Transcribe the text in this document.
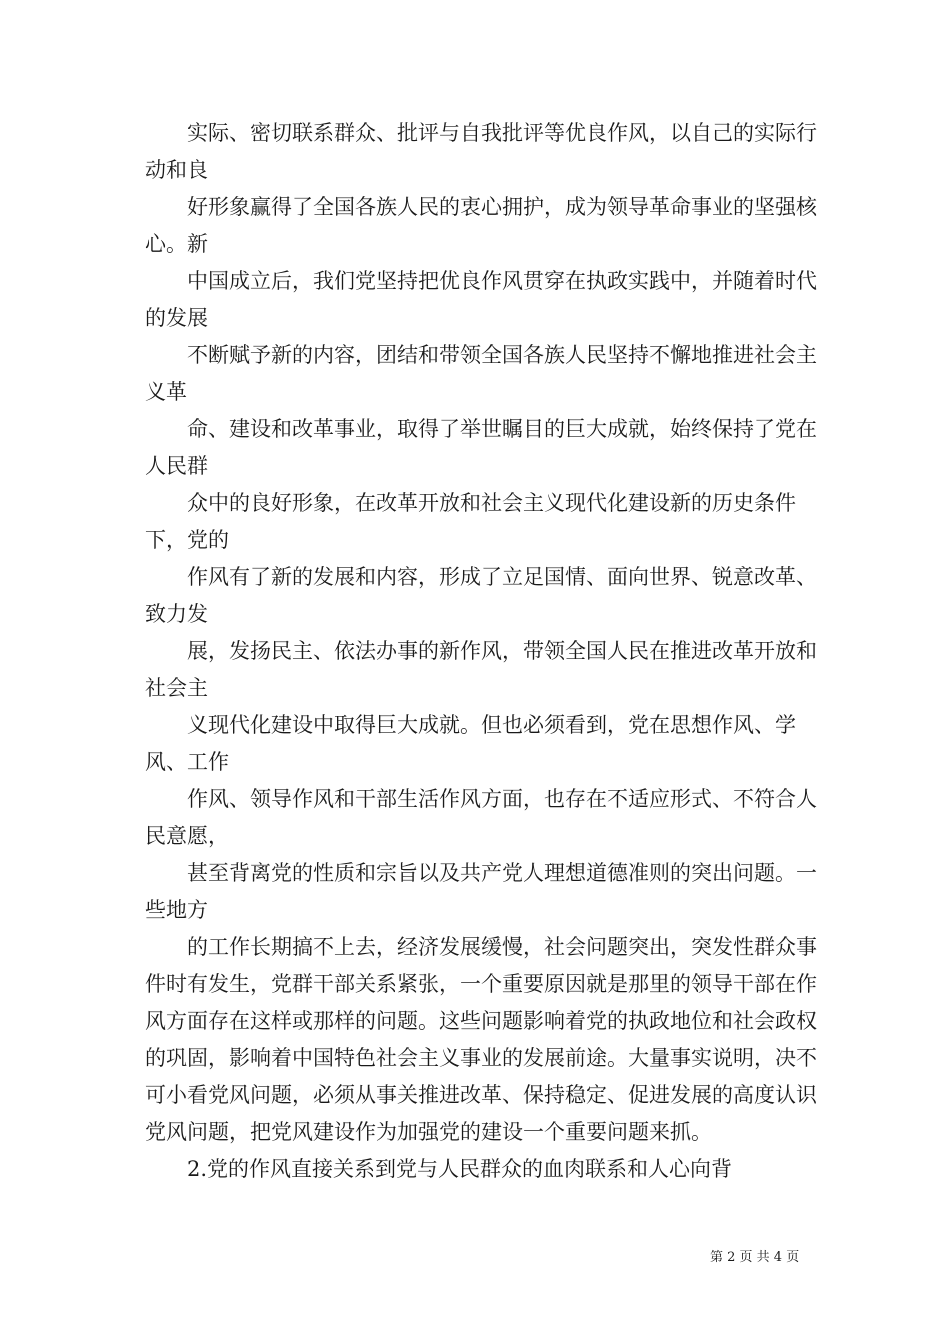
实际、密切联系群众、批评与自我批评等优良作风，以自己的实际行动和良

好形象赢得了全国各族人民的衷心拥护，成为领导革命事业的坚强核心。新

中国成立后，我们党坚持把优良作风贯穿在执政实践中，并随着时代的发展

不断赋予新的内容，团结和带领全国各族人民坚持不懈地推进社会主义革

命、建设和改革事业，取得了举世瞩目的巨大成就，始终保持了党在人民群

众中的良好形象，在改革开放和社会主义现代化建设新的历史条件下，党的

作风有了新的发展和内容，形成了立足国情、面向世界、锐意改革、致力发

展，发扬民主、依法办事的新作风，带领全国人民在推进改革开放和社会主

义现代化建设中取得巨大成就。但也必须看到，党在思想作风、学风、工作

作风、领导作风和干部生活作风方面，也存在不适应形式、不符合人民意愿，

甚至背离党的性质和宗旨以及共产党人理想道德准则的突出问题。一些地方

的工作长期搞不上去，经济发展缓慢，社会问题突出，突发性群众事件时有发生，党群干部关系紧张，一个重要原因就是那里的领导干部在作风方面存在这样或那样的问题。这些问题影响着党的执政地位和社会政权的巩固，影响着中国特色社会主义事业的发展前途。大量事实说明，决不可小看党风问题，必须从事关推进改革、保持稳定、促进发展的高度认识党风问题，把党风建设作为加强党的建设一个重要问题来抓。

2.党的作风直接关系到党与人民群众的血肉联系和人心向背

第 2 页 共 4 页
